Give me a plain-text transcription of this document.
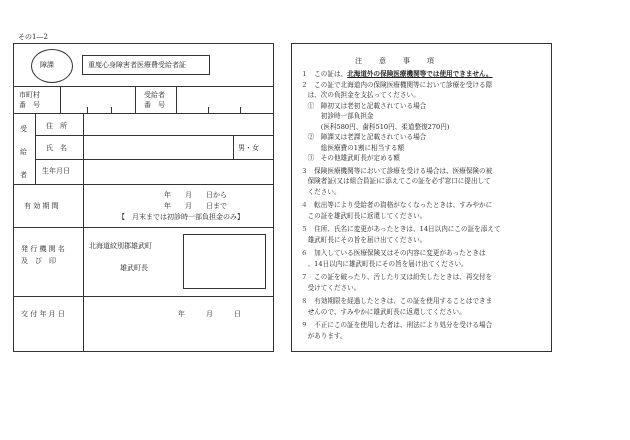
その1―2
障課	重度心身障害者医療費受給者証
市町村
番　号
受給者
番　号
受
給
者
住　所
氏　名	男・女
生年月日
有 効 期 間
年　　月　　日から
年　　月　　日まで
【　月末までは初診時一部負担金のみ】
発 行 機 関 名
及　び　印
北海道紋別郡雄武町
雄武町長
交 付 年 月 日	年　　　月　　　日
注　　意　　事　　項

１　この証は、北海道外の保険医療機関等では使用できません。

２　この証で北海道内の保険医療機関等において診療を受ける際

　は、次の負担金を支払ってください。

　①　障初又は老初と記載されている場合

　　　初診時一部負担金

　　　(医科580円、歯科510円、柔道整復270円)

　②　障課又は老課と記載されている場合

　　　総医療費の1割に相当する額

　③　その他雄武町長が定める額

３　保険医療機関等において診療を受ける場合は、医療保険の被

　保険者証(又は組合員証)に添えてこの証を必ず窓口に提出して

　ください。

４　転出等により受給者の資格がなくなったときは、すみやかに

　この証を雄武町長に返還してください。

５　住所、氏名に変更があったときは、14日以内にこの証を添えて

　雄武町長にその旨を届け出てください。

６　加入している医療保険又はその内容に変更があったときは

　、14日以内に雄武町長にその旨を届け出てください。

７　この証を破ったり、汚したり又は紛失したときは、再交付を

　受けてください。

８　有効期限を経過したときは、この証を使用することはできま

　せんので、すみやかに雄武町長に返還してください。

９　不正にこの証を使用した者は、刑法により処分を受ける場合

　があります。
